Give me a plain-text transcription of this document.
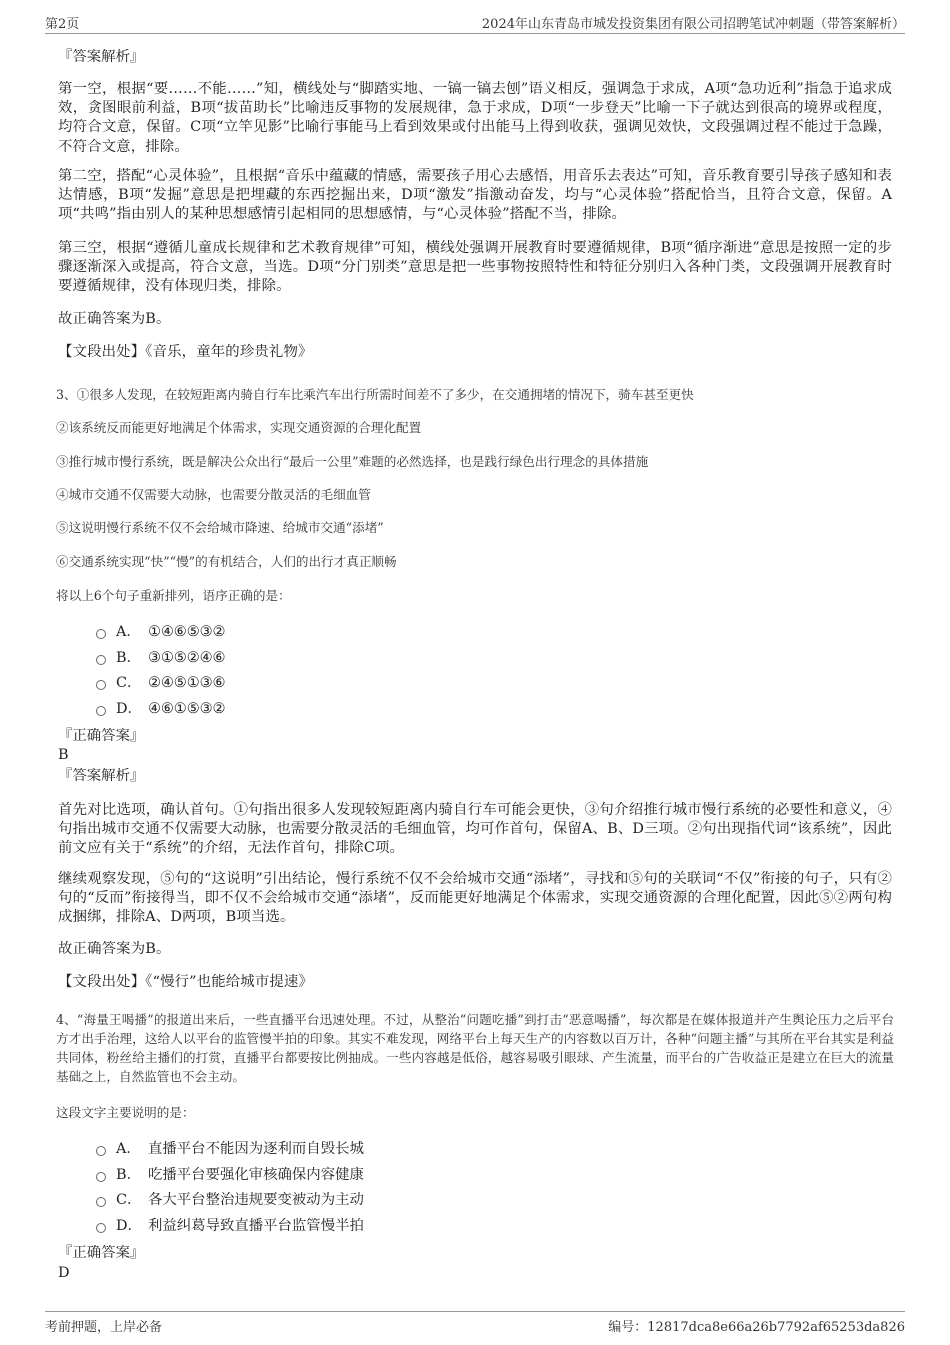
第2页	2024年山东青岛市城发投资集团有限公司招聘笔试冲刺题（带答案解析）
『答案解析』
第一空，根据“要……不能……”知，横线处与“脚踏实地、一镐一镐去刨”语义相反，强调急于求成，A项“急功近利”指急于追求成效，贪图眼前利益，B项“拔苗助长”比喻违反事物的发展规律，急于求成，D项“一步登天”比喻一下子就达到很高的境界或程度，均符合文意，保留。C项“立竿见影”比喻行事能马上看到效果或付出能马上得到收获，强调见效快，文段强调过程不能过于急躁，不符合文意，排除。
第二空，搭配“心灵体验”，且根据“音乐中蕴藏的情感，需要孩子用心去感悟，用音乐去表达”可知，音乐教育要引导孩子感知和表达情感，B项“发掘”意思是把埋藏的东西挖掘出来，D项“激发”指激动奋发，均与“心灵体验”搭配恰当，且符合文意，保留。A项“共鸣”指由别人的某种思想感情引起相同的思想感情，与“心灵体验”搭配不当，排除。
第三空，根据“遵循儿童成长规律和艺术教育规律”可知，横线处强调开展教育时要遵循规律，B项“循序渐进”意思是按照一定的步骤逐渐深入或提高，符合文意，当选。D项“分门别类”意思是把一些事物按照特性和特征分别归入各种门类，文段强调开展教育时要遵循规律，没有体现归类，排除。
故正确答案为B。
【文段出处】《音乐，童年的珍贵礼物》
3、①很多人发现，在较短距离内骑自行车比乘汽车出行所需时间差不了多少，在交通拥堵的情况下，骑车甚至更快
②该系统反而能更好地满足个体需求，实现交通资源的合理化配置
③推行城市慢行系统，既是解决公众出行“最后一公里”难题的必然选择，也是践行绿色出行理念的具体措施
④城市交通不仅需要大动脉，也需要分散灵活的毛细血管
⑤这说明慢行系统不仅不会给城市降速、给城市交通“添堵”
⑥交通系统实现“快”“慢”的有机结合，人们的出行才真正顺畅
将以上6个句子重新排列，语序正确的是：
A． ①④⑥⑤③②
B． ③①⑤②④⑥
C． ②④⑤①③⑥
D． ④⑥①⑤③②
『正确答案』
B
『答案解析』
首先对比选项，确认首句。①句指出很多人发现较短距离内骑自行车可能会更快，③句介绍推行城市慢行系统的必要性和意义，④句指出城市交通不仅需要大动脉，也需要分散灵活的毛细血管，均可作首句，保留A、B、D三项。②句出现指代词“该系统”，因此前文应有关于“系统”的介绍，无法作首句，排除C项。
继续观察发现，⑤句的“这说明”引出结论，慢行系统不仅不会给城市交通“添堵”，寻找和⑤句的关联词“不仅”衔接的句子，只有②句的“反而”衔接得当，即不仅不会给城市交通“添堵”，反而能更好地满足个体需求，实现交通资源的合理化配置，因此⑤②两句构成捆绑，排除A、D两项，B项当选。
故正确答案为B。
【文段出处】《“慢行”也能给城市提速》
4、“海量王喝播”的报道出来后，一些直播平台迅速处理。不过，从整治“问题吃播”到打击“恶意喝播”，每次都是在媒体报道并产生舆论压力之后平台方才出手治理，这给人以平台的监管慢半拍的印象。其实不难发现，网络平台上每天生产的内容数以百万计，各种“问题主播”与其所在平台其实是利益共同体，粉丝给主播们的打赏，直播平台都要按比例抽成。一些内容越是低俗，越容易吸引眼球、产生流量，而平台的广告收益正是建立在巨大的流量基础之上，自然监管也不会主动。
这段文字主要说明的是：
A． 直播平台不能因为逐利而自毁长城
B． 吃播平台要强化审核确保内容健康
C． 各大平台整治违规要变被动为主动
D． 利益纠葛导致直播平台监管慢半拍
『正确答案』
D
考前押题，上岸必备	编号：12817dca8e66a26b7792af65253da826
